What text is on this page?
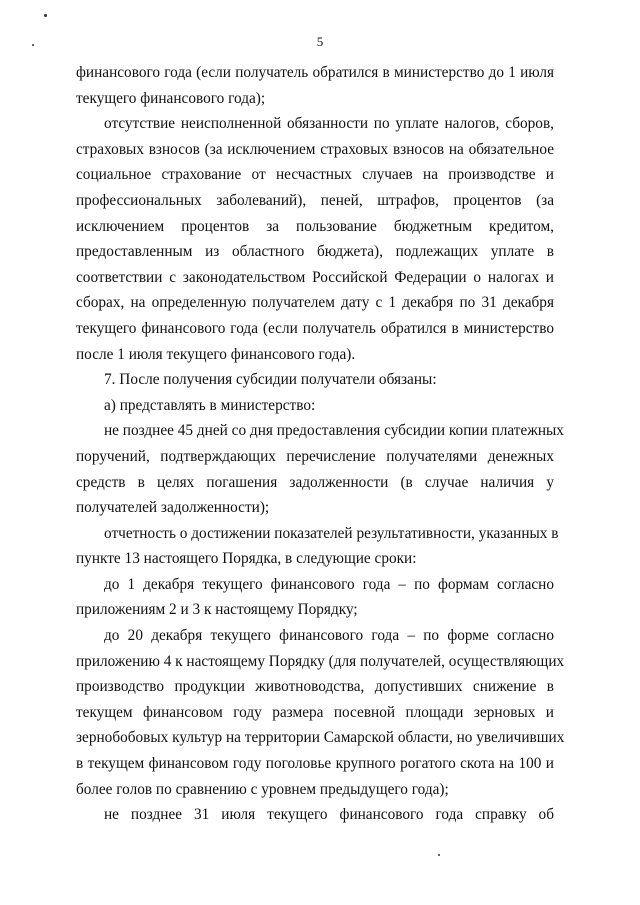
5

финансового года (если получатель обратился в министерство до 1 июля
текущего финансового года);

отсутствие неисполненной обязанности по уплате налогов, сборов,
страховых взносов (за исключением страховых взносов на обязательное
социальное страхование от несчастных случаев на производстве и
профессиональных заболеваний), пеней, штрафов, процентов (за
исключением процентов за пользование бюджетным кредитом,
предоставленным из областного бюджета), подлежащих уплате в
соответствии с законодательством Российской Федерации о налогах и
сборах, на определенную получателем дату с 1 декабря по 31 декабря
текущего финансового года (если получатель обратился в министерство
после 1 июля текущего финансового года).

7. После получения субсидии получатели обязаны:

а) представлять в министерство:

не позднее 45 дней со дня предоставления субсидии копии платежных
поручений, подтверждающих перечисление получателями денежных
средств в целях погашения задолженности (в случае наличия у
получателей задолженности);

отчетность о достижении показателей результативности, указанных в
пункте 13 настоящего Порядка, в следующие сроки:

до 1 декабря текущего финансового года – по формам согласно
приложениям 2 и 3 к настоящему Порядку;

до 20 декабря текущего финансового года – по форме согласно
приложению 4 к настоящему Порядку (для получателей, осуществляющих
производство продукции животноводства, допустивших снижение в
текущем финансовом году размера посевной площади зерновых и
зернобобовых культур на территории Самарской области, но увеличивших
в текущем финансовом году поголовье крупного рогатого скота на 100 и
более голов по сравнению с уровнем предыдущего года);

не позднее 31 июля текущего финансового года справку об
